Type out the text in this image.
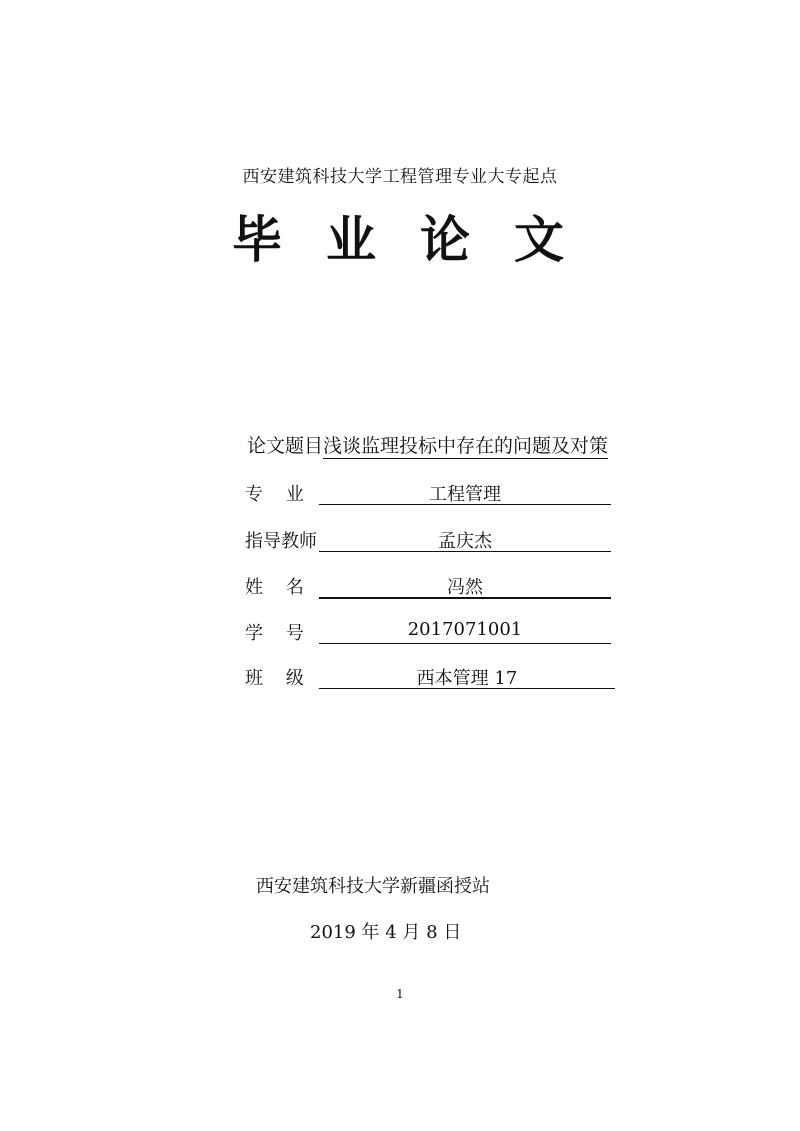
西安建筑科技大学工程管理专业大专起点
毕业论文
论文题目浅谈监理投标中存在的问题及对策
专    业	工程管理
指导教师	孟庆杰
姓    名	冯然
学    号	2017071001
班    级	西本管理 17
西安建筑科技大学新疆函授站
2019 年 4 月 8 日
1
